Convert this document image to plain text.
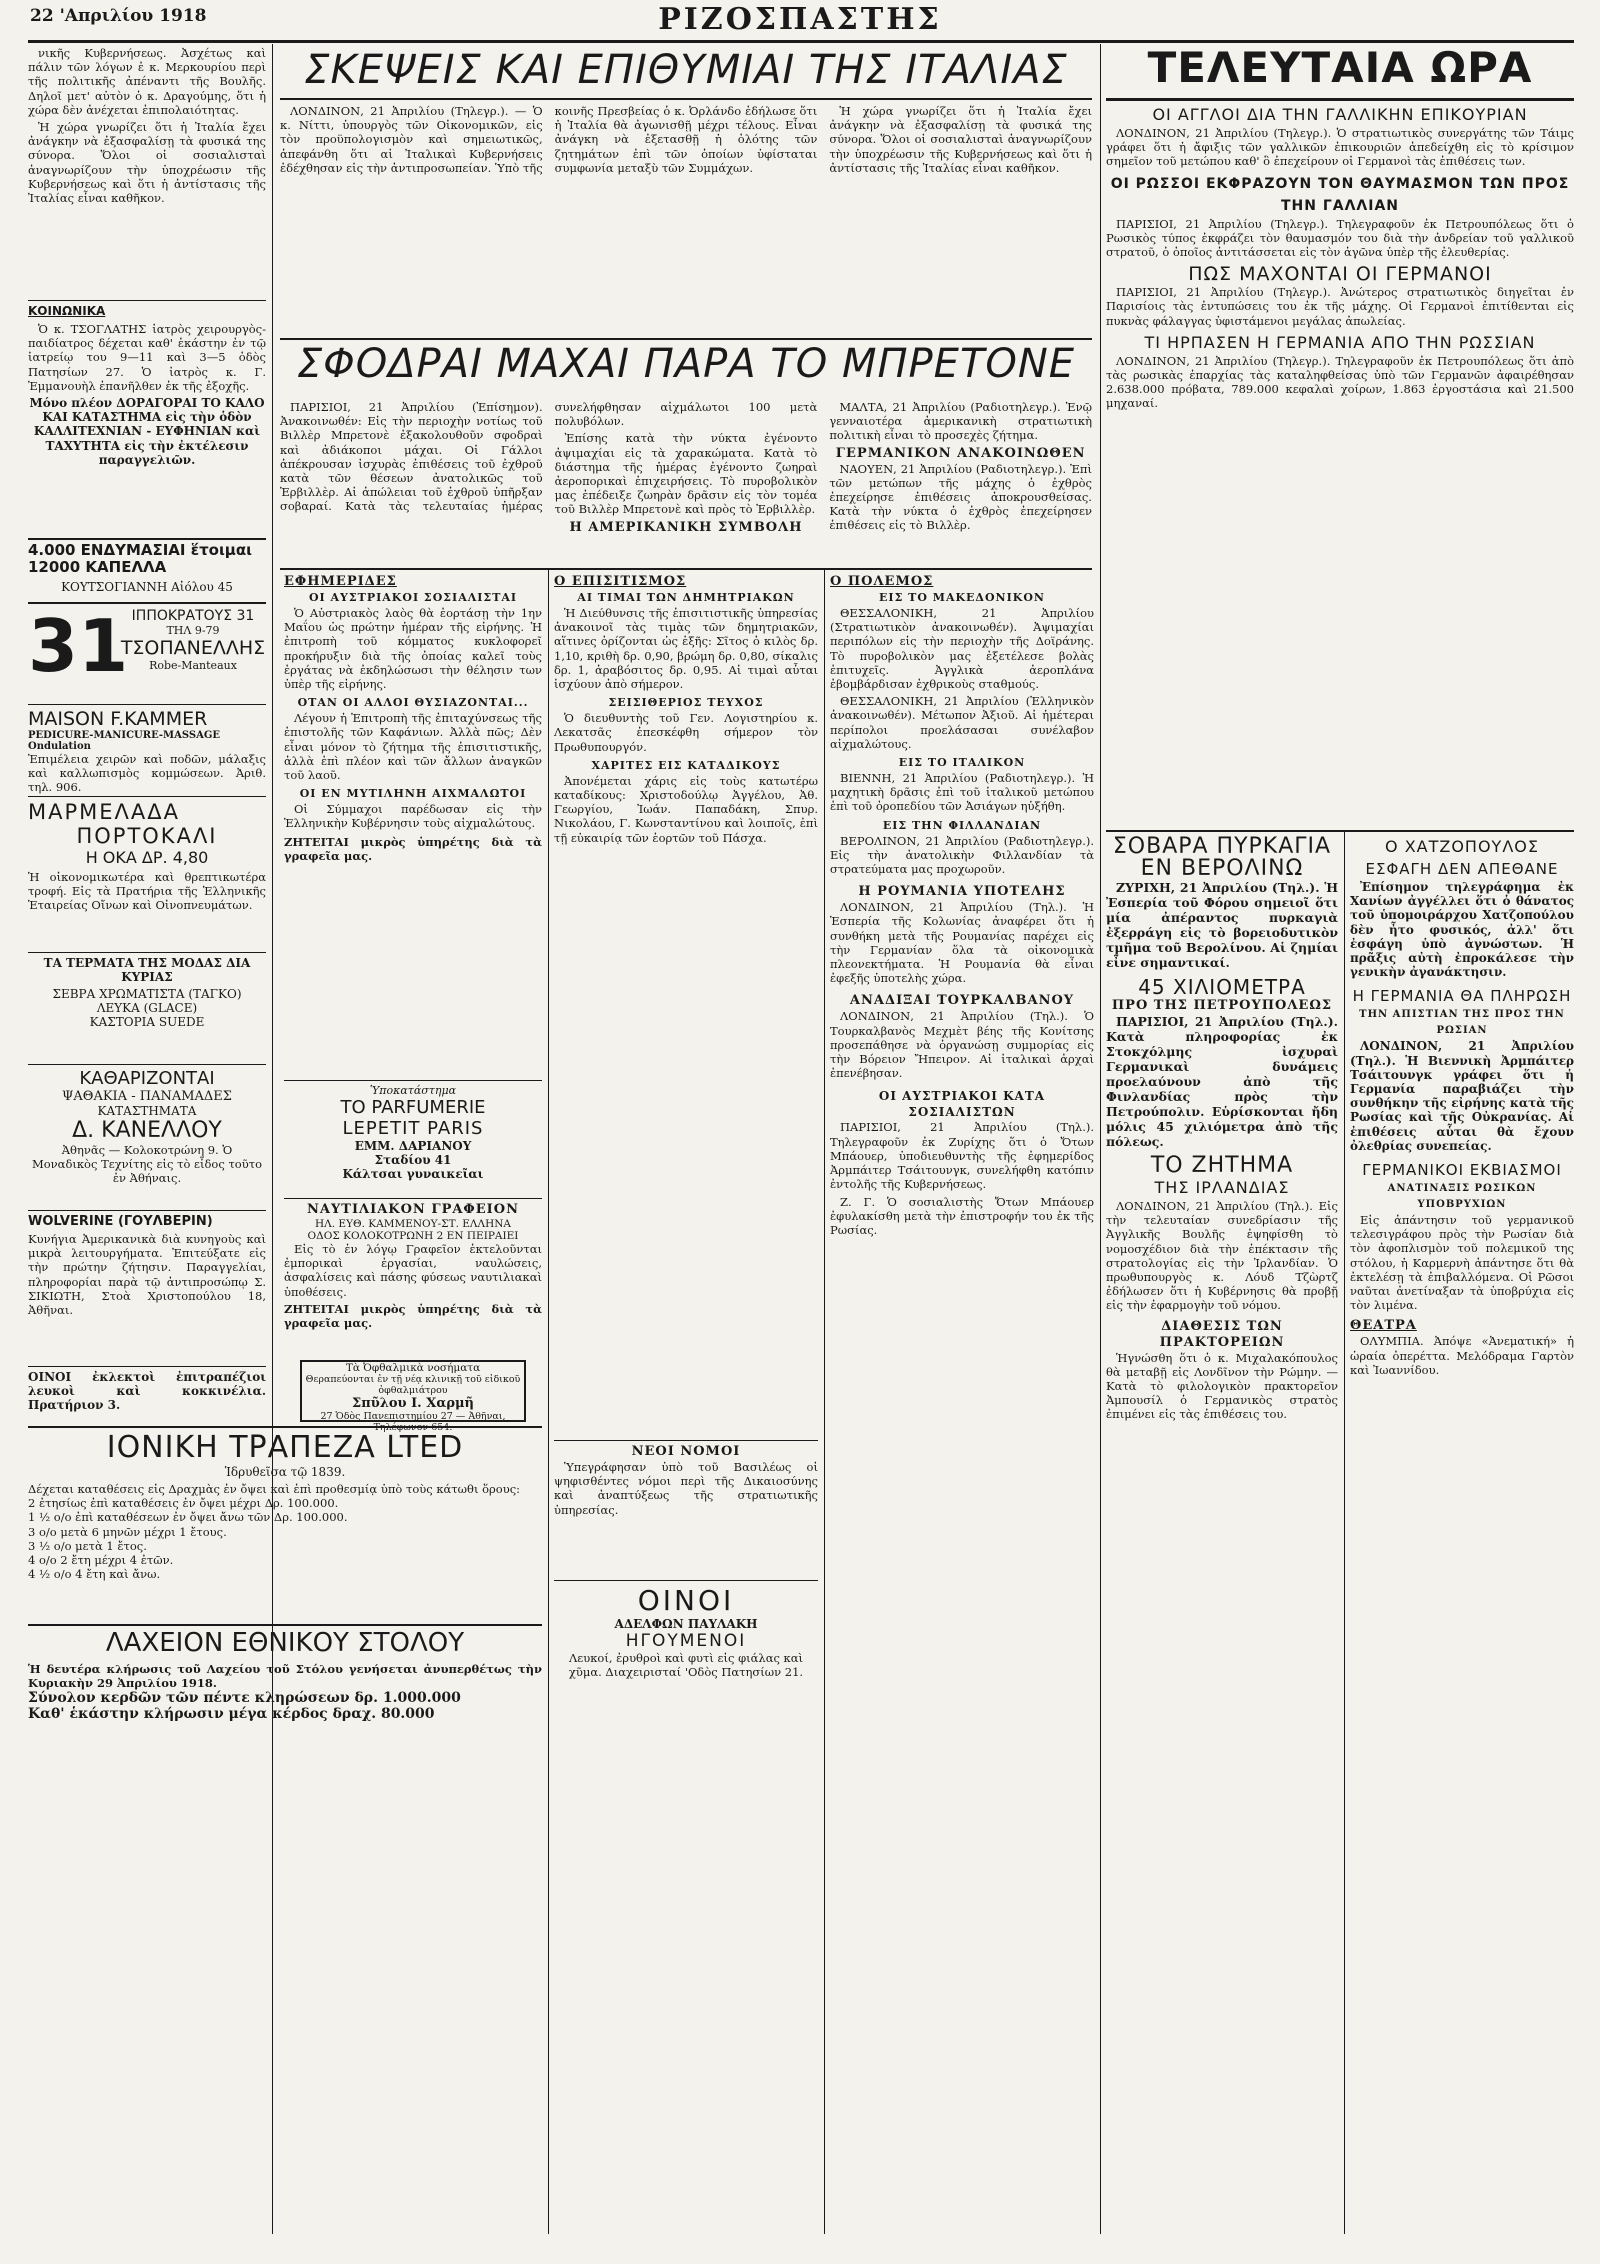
22 'Απριλίου 1918	ΡΙΖΟΣΠΑΣΤΗΣ

νικῆς Κυβερνήσεως. Ἀσχέτως καὶ πάλιν τῶν λόγων ἐ κ. Μερκουρίου περὶ τῆς πολιτικῆς ἀπέναντι τῆς Βουλῆς. Δηλοῖ μετ' αὐτὸν ὁ κ. Δραγούμης, ὅτι ἡ χώρα δὲν ἀνέχεται ἐπιπολαιότητας.

Ἡ χώρα γνωρίζει ὅτι ἡ Ἰταλία ἔχει ἀνάγκην νὰ ἐξασφαλίσῃ τὰ φυσικά της σύνορα. Ὅλοι οἱ σοσιαλισταὶ ἀναγνωρίζουν τὴν ὑποχρέωσιν τῆς Κυβερνήσεως καὶ ὅτι ἡ ἀντίστασις τῆς Ἰταλίας εἶναι καθῆκον.

ΚΟΙΝΩΝΙΚΑ

Ὁ κ. ΤΣΟΓΛΑΤΗΣ ἰατρὸς χειρουργὸς-παιδίατρος δέχεται καθ' ἑκάστην ἐν τῷ ἰατρείῳ του 9—11 καὶ 3—5 ὁδὸς Πατησίων 27. Ὁ ἰατρὸς κ. Γ. Ἐμμανουὴλ ἐπανῆλθεν ἐκ τῆς ἐξοχῆς.

Μόνο πλέον ΔΟΡΑΓΟΡΑΙ ΤΟ ΚΑΛΟ ΚΑΙ ΚΑΤΑΣΤΗΜΑ εἰς τὴν ὁδὸν ΚΑΛΛΙΤΕΧΝΙΑΝ - ΕΥΦΗΝΙΑΝ καὶ ΤΑΧΥΤΗΤΑ εἰς τὴν ἐκτέλεσιν παραγγελιῶν.
4.000 ΕΝΔΥΜΑΣΙΑΙ ἕτοιμαι 12000 ΚΑΠΕΛΛΑ
ΚΟΥΤΣΟΓΙΑΝΝΗ Αἰόλου 45
31 ΙΠΠΟΚΡΑΤΟΥΣ 31
ΤΗΛ 9-79
ΤΣΟΠΑΝΕΛΛΗΣ
Robe-Manteaux
MAISON F.KAMMER
PEDICURE-MANICURE-MASSAGE Ondulation
Ἐπιμέλεια χειρῶν καὶ ποδῶν, μάλαξις καὶ καλλωπισμὸς κομμώσεων. Ἀριθ. τηλ. 906.
ΜΑΡΜΕΛΑΔΑ
ΠΟΡΤΟΚΑΛΙ
Η ΟΚΑ ΔΡ. 4,80
Ἡ οἰκονομικωτέρα καὶ θρεπτικωτέρα τροφή. Εἰς τὰ Πρατήρια τῆς Ἑλληνικῆς Ἑταιρείας Οἴνων καὶ Οἰνοπνευμάτων.
ΤΑ ΤΕΡΜΑΤΑ ΤΗΣ ΜΟΔΑΣ ΔΙΑ ΚΥΡΙΑΣ
ΣΕΒΡΑ ΧΡΩΜΑΤΙΣΤΑ (ΤΑΓΚΟ)
ΛΕΥΚΑ (GLACE)
ΚΑΣΤΟΡΙΑ SUEDE
ΚΑΘΑΡΙΖΟΝΤΑΙ
ΨΑΘΑΚΙΑ - ΠΑΝΑΜΑΔΕΣ
ΚΑΤΑΣΤΗΜΑΤΑ
Δ. ΚΑΝΕΛΛΟΥ
Ἀθηνᾶς — Κολοκοτρώνη 9. Ὁ Μοναδικὸς Τεχνίτης εἰς τὸ εἶδος τοῦτο ἐν Ἀθήναις.
WOLVERINE (ΓΟΥΛΒΕΡΙΝ)
Κυνήγια Ἀμερικανικὰ διὰ κυνηγοὺς καὶ μικρὰ λειτουργήματα. Ἐπιτεύξατε εἰς τὴν πρώτην ζήτησιν. Παραγγελίαι, πληροφορίαι παρὰ τῷ ἀντιπροσώπῳ Σ. ΣΙΚΙΩΤΗ, Στοὰ Χριστοπούλου 18, Ἀθῆναι.
ΟΙΝΟΙ ἐκλεκτοὶ ἐπιτραπέζιοι λευκοὶ καὶ κοκκινέλια. Πρατήριον 3.
ΙΟΝΙΚΗ ΤΡΑΠΕΖΑ LTED
Ἱδρυθεῖσα τῷ 1839.
Δέχεται καταθέσεις εἰς Δραχμὰς ἐν ὄψει καὶ ἐπὶ προθεσμίᾳ ὑπὸ τοὺς κάτωθι ὅρους:
2 ἐτησίως ἐπὶ καταθέσεις ἐν ὄψει μέχρι Δρ. 100.000.
1 ½ ο/ο ἐπὶ καταθέσεων ἐν ὄψει ἄνω τῶν Δρ. 100.000.
3 ο/ο μετὰ 6 μηνῶν μέχρι 1 ἔτους.
3 ½ ο/ο μετὰ 1 ἔτος.
4 ο/ο 2 ἔτη μέχρι 4 ἐτῶν.
4 ½ ο/ο 4 ἔτη καὶ ἄνω.
ΛΑΧΕΙΟΝ ΕΘΝΙΚΟΥ ΣΤΟΛΟΥ
Ἡ δευτέρα κλήρωσις τοῦ Λαχείου τοῦ Στόλου γενήσεται ἀνυπερθέτως τὴν Κυριακὴν 29 Ἀπριλίου 1918.
Σύνολον κερδῶν τῶν πέντε κληρώσεων δρ. 1.000.000
Καθ' ἑκάστην κλήρωσιν μέγα κέρδος δραχ. 80.000
ΣΚΕΨΕΙΣ ΚΑΙ ΕΠΙΘΥΜΙΑΙ ΤΗΣ ΙΤΑΛΙΑΣ

ΛΟΝΔΙΝΟΝ, 21 Ἀπριλίου (Τηλεγρ.). — Ὁ κ. Νίττι, ὑπουργὸς τῶν Οἰκονομικῶν, εἰς τὸν προϋπολογισμὸν καὶ σημειωτικῶς, ἀπεφάνθη ὅτι αἱ Ἰταλικαὶ Κυβερνήσεις ἐδέχθησαν εἰς τὴν ἀντιπροσωπείαν. Ὑπὸ τῆς κοινῆς Πρεσβείας ὁ κ. Ὀρλάνδο ἐδήλωσε ὅτι ἡ Ἰταλία θὰ ἀγωνισθῇ μέχρι τέλους. Εἶναι ἀνάγκη νὰ ἐξετασθῇ ἡ ὁλότης τῶν ζητημάτων ἐπὶ τῶν ὁποίων ὑφίσταται συμφωνία μεταξὺ τῶν Συμμάχων.

Ἡ χώρα γνωρίζει ὅτι ἡ Ἰταλία ἔχει ἀνάγκην νὰ ἐξασφαλίσῃ τὰ φυσικά της σύνορα. Ὅλοι οἱ σοσιαλισταὶ ἀναγνωρίζουν τὴν ὑποχρέωσιν τῆς Κυβερνήσεως καὶ ὅτι ἡ ἀντίστασις τῆς Ἰταλίας εἶναι καθῆκον.

ΣΦΟΔΡΑΙ ΜΑΧΑΙ ΠΑΡΑ ΤΟ ΜΠΡΕΤΟΝΕ

ΠΑΡΙΣΙΟΙ, 21 Ἀπριλίου (Ἐπίσημον). Ἀνακοινωθέν: Εἰς τὴν περιοχὴν νοτίως τοῦ Βιλλὲρ Μπρετονὲ ἐξακολουθοῦν σφοδραὶ καὶ ἀδιάκοποι μάχαι. Οἱ Γάλλοι ἀπέκρουσαν ἰσχυρὰς ἐπιθέσεις τοῦ ἐχθροῦ κατὰ τῶν θέσεων ἀνατολικῶς τοῦ Ἐρβιλλὲρ. Αἱ ἀπώλειαι τοῦ ἐχθροῦ ὑπῆρξαν σοβαραί. Κατὰ τὰς τελευταίας ἡμέρας συνελήφθησαν αἰχμάλωτοι 100 μετὰ πολυβόλων.

Ἐπίσης κατὰ τὴν νύκτα ἐγένοντο ἀψιμαχίαι εἰς τὰ χαρακώματα. Κατὰ τὸ διάστημα τῆς ἡμέρας ἐγένοντο ζωηραὶ ἀεροπορικαὶ ἐπιχειρήσεις. Τὸ πυροβολικὸν μας ἐπέδειξε ζωηρὰν δρᾶσιν εἰς τὸν τομέα τοῦ Βιλλὲρ Μπρετονὲ καὶ πρὸς τὸ Ἐρβιλλὲρ.

Η ΑΜΕΡΙΚΑΝΙΚΗ ΣΥΜΒΟΛΗ

ΜΑΛΤΑ, 21 Ἀπριλίου (Ραδιοτηλεγρ.). Ἐνῷ γενναιοτέρα ἀμερικανικὴ στρατιωτικὴ πολιτικὴ εἶναι τὸ προσεχὲς ζήτημα.

ΓΕΡΜΑΝΙΚΟΝ ΑΝΑΚΟΙΝΩΘΕΝ

ΝΑΟΥΕΝ, 21 Ἀπριλίου (Ραδιοτηλεγρ.). Ἐπὶ τῶν μετώπων τῆς μάχης ὁ ἐχθρὸς ἐπεχείρησε ἐπιθέσεις ἀποκρουσθείσας. Κατὰ τὴν νύκτα ὁ ἐχθρὸς ἐπεχείρησεν ἐπιθέσεις εἰς τὸ Βιλλὲρ.

ΕΦΗΜΕΡΙΔΕΣ
ΟΙ ΑΥΣΤΡΙΑΚΟΙ ΣΟΣΙΑΛΙΣΤΑΙ

Ὁ Αὐστριακὸς λαὸς θὰ ἐορτάσῃ τὴν 1ην Μαΐου ὡς πρώτην ἡμέραν τῆς εἰρήνης. Ἡ ἐπιτροπὴ τοῦ κόμματος κυκλοφορεῖ προκήρυξιν διὰ τῆς ὁποίας καλεῖ τοὺς ἐργάτας νὰ ἐκδηλώσωσι τὴν θέλησιν των ὑπὲρ τῆς εἰρήνης.

ΟΤΑΝ ΟΙ ΑΛΛΟΙ ΘΥΣΙΑΖΟΝΤΑΙ...

Λέγουν ἡ Ἐπιτροπὴ τῆς ἐπιταχύνσεως τῆς ἐπιστολῆς τῶν Καφάνιων. Ἀλλὰ πῶς; Δὲν εἶναι μόνον τὸ ζήτημα τῆς ἐπισιτιστικῆς, ἀλλὰ ἐπὶ πλέον καὶ τῶν ἄλλων ἀναγκῶν τοῦ λαοῦ.

ΟΙ ΕΝ ΜΥΤΙΛΗΝΗ ΑΙΧΜΑΛΩΤΟΙ

Οἱ Σύμμαχοι παρέδωσαν εἰς τὴν Ἑλληνικὴν Κυβέρνησιν τοὺς αἰχμαλώτους.

ΖΗΤΕΙΤΑΙ μικρὸς ὑπηρέτης διὰ τὰ γραφεῖα μας.
Ὑποκατάστημα
TO PARFUMERIE
LEPETIT PARIS
ΕΜΜ. ΔΑΡΙΑΝΟΥ
Σταδίου 41
Κάλτσαι γυναικεῖαι
ΝΑΥΤΙΛΙΑΚΟΝ ΓΡΑΦΕΙΟΝ
ΗΛ. ΕΥΘ. ΚΑΜΜΕΝΟΥ-ΣΤ. ΕΛΛΗΝΑ
ΟΔΟΣ ΚΟΛΟΚΟΤΡΩΝΗ 2 ΕΝ ΠΕΙΡΑΙΕΙ

Εἰς τὸ ἐν λόγῳ Γραφεῖον ἐκτελοῦνται ἐμπορικαὶ ἐργασίαι, ναυλώσεις, ἀσφαλίσεις καὶ πάσης φύσεως ναυτιλιακαὶ ὑποθέσεις.

ΖΗΤΕΙΤΑΙ μικρὸς ὑπηρέτης διὰ τὰ γραφεῖα μας.
Τὰ Ὀφθαλμικὰ νοσήματα
Θεραπεύονται ἐν τῇ νέᾳ κλινικῇ τοῦ εἰδικοῦ ὀφθαλμιάτρου
Σπῦλου Ι. Χαρμῆ
27 Ὁδὸς Πανεπιστημίου 27 — Ἀθῆναι, Τηλέφωνον 654.
Ο ΕΠΙΣΙΤΙΣΜΟΣ
ΑΙ ΤΙΜΑΙ ΤΩΝ ΔΗΜΗΤΡΙΑΚΩΝ

Ἡ Διεύθυνσις τῆς ἐπισιτιστικῆς ὑπηρεσίας ἀνακοινοῖ τὰς τιμὰς τῶν δημητριακῶν, αἵτινες ὁρίζονται ὡς ἑξῆς: Σῖτος ὁ κιλὸς δρ. 1,10, κριθὴ δρ. 0,90, βρώμη δρ. 0,80, σίκαλις δρ. 1, ἀραβόσιτος δρ. 0,95. Αἱ τιμαὶ αὗται ἰσχύουν ἀπὸ σήμερον.

ΣΕΙΣΙΘΕΡΙΟΣ ΤΕΥΧΟΣ

Ὁ διευθυντὴς τοῦ Γεν. Λογιστηρίου κ. Λεκατσᾶς ἐπεσκέφθη σήμερον τὸν Πρωθυπουργόν.

ΧΑΡΙΤΕΣ ΕΙΣ ΚΑΤΑΔΙΚΟΥΣ

Ἀπονέμεται χάρις εἰς τοὺς κατωτέρω καταδίκους: Χριστοδούλῳ Ἀγγέλου, Ἀθ. Γεωργίου, Ἰωάν. Παπαδάκη, Σπυρ. Νικολάου, Γ. Κωνσταντίνου καὶ λοιποῖς, ἐπὶ τῇ εὐκαιρίᾳ τῶν ἑορτῶν τοῦ Πάσχα.

ΝΕΟΙ ΝΟΜΟΙ

Ὑπεγράφησαν ὑπὸ τοῦ Βασιλέως οἱ ψηφισθέντες νόμοι περὶ τῆς Δικαιοσύνης καὶ ἀναπτύξεως τῆς στρατιωτικῆς ὑπηρεσίας.

ΟΙΝΟΙ
ΑΔΕΛΦΩΝ ΠΑΥΛΑΚΗ
ΗΓΟΥΜΕΝΟΙ
Λευκοί, ἐρυθροὶ καὶ φυτὶ εἰς φιάλας καὶ χῦμα. Διαχειρισταί 'Οδὸς Πατησίων 21.
Ο ΠΟΛΕΜΟΣ
ΕΙΣ ΤΟ ΜΑΚΕΔΟΝΙΚΟΝ

ΘΕΣΣΑΛΟΝΙΚΗ, 21 Ἀπριλίου (Στρατιωτικὸν ἀνακοινωθέν). Ἀψιμαχίαι περιπόλων εἰς τὴν περιοχὴν τῆς Δοϊράνης. Τὸ πυροβολικὸν μας ἐξετέλεσε βολὰς ἐπιτυχεῖς. Ἀγγλικὰ ἀεροπλάνα ἐβομβάρδισαν ἐχθρικοὺς σταθμούς.

ΘΕΣΣΑΛΟΝΙΚΗ, 21 Ἀπριλίου (Ἑλληνικὸν ἀνακοινωθέν). Μέτωπον Ἀξιοῦ. Αἱ ἡμέτεραι περίπολοι προελάσασαι συνέλαβον αἰχμαλώτους.

ΕΙΣ ΤΟ ΙΤΑΛΙΚΟΝ

ΒΙΕΝΝΗ, 21 Ἀπριλίου (Ραδιοτηλεγρ.). Ἡ μαχητικὴ δρᾶσις ἐπὶ τοῦ ἰταλικοῦ μετώπου ἐπὶ τοῦ ὀροπεδίου τῶν Ἀσιάγων ηὐξήθη.

ΕΙΣ ΤΗΝ ΦΙΛΛΑΝΔΙΑΝ

ΒΕΡΟΛΙΝΟΝ, 21 Ἀπριλίου (Ραδιοτηλεγρ.). Εἰς τὴν ἀνατολικὴν Φιλλανδίαν τὰ στρατεύματα μας προχωροῦν.

Η ΡΟΥΜΑΝΙΑ ΥΠΟΤΕΛΗΣ

ΛΟΝΔΙΝΟΝ, 21 Ἀπριλίου (Τηλ.). Ἡ Ἑσπερία τῆς Κολωνίας ἀναφέρει ὅτι ἡ συνθήκη μετὰ τῆς Ρουμανίας παρέχει εἰς τὴν Γερμανίαν ὅλα τὰ οἰκονομικὰ πλεονεκτήματα. Ἡ Ρουμανία θὰ εἶναι ἐφεξῆς ὑποτελὴς χώρα.

ΑΝΑΔΙΞΑΙ ΤΟΥΡΚΑΛΒΑΝΟΥ

ΛΟΝΔΙΝΟΝ, 21 Ἀπριλίου (Τηλ.). Ὁ Τουρκαλβανὸς Μεχμὲτ βέης τῆς Κονίτσης προσεπάθησε νὰ ὀργανώσῃ συμμορίας εἰς τὴν Βόρειον Ἤπειρον. Αἱ ἰταλικαὶ ἀρχαὶ ἐπενέβησαν.

ΟΙ ΑΥΣΤΡΙΑΚΟΙ ΚΑΤΑ ΣΟΣΙΑΛΙΣΤΩΝ

ΠΑΡΙΣΙΟΙ, 21 Ἀπριλίου (Τηλ.). Τηλεγραφοῦν ἐκ Ζυρίχης ὅτι ὁ Ὄτων Μπάουερ, ὑποδιευθυντὴς τῆς ἐφημερίδος Ἀρμπάιτερ Τσάιτουνγκ, συνελήφθη κατόπιν ἐντολῆς τῆς Κυβερνήσεως.

Ζ. Γ. Ὁ σοσιαλιστὴς Ὄτων Μπάουερ ἐφυλακίσθη μετὰ τὴν ἐπιστροφήν του ἐκ τῆς Ρωσίας.

ΤΕΛΕΥΤΑΙΑ ΩΡΑ
ΟΙ ΑΓΓΛΟΙ ΔΙΑ ΤΗΝ ΓΑΛΛΙΚΗΝ ΕΠΙΚΟΥΡΙΑΝ

ΛΟΝΔΙΝΟΝ, 21 Ἀπριλίου (Τηλεγρ.). Ὁ στρατιωτικὸς συνεργάτης τῶν Τάιμς γράφει ὅτι ἡ ἄφιξις τῶν γαλλικῶν ἐπικουριῶν ἀπεδείχθη εἰς τὸ κρίσιμον σημεῖον τοῦ μετώπου καθ' ὃ ἐπεχείρουν οἱ Γερμανοὶ τὰς ἐπιθέσεις των.

ΟΙ ΡΩΣΣΟΙ ΕΚΦΡΑΖΟΥΝ ΤΟΝ ΘΑΥΜΑΣΜΟΝ ΤΩΝ ΠΡΟΣ ΤΗΝ ΓΑΛΛΙΑΝ

ΠΑΡΙΣΙΟΙ, 21 Ἀπριλίου (Τηλεγρ.). Τηλεγραφοῦν ἐκ Πετρουπόλεως ὅτι ὁ Ρωσικὸς τύπος ἐκφράζει τὸν θαυμασμόν του διὰ τὴν ἀνδρείαν τοῦ γαλλικοῦ στρατοῦ, ὁ ὁποῖος ἀντιτάσσεται εἰς τὸν ἀγῶνα ὑπὲρ τῆς ἐλευθερίας.

ΠΩΣ ΜΑΧΟΝΤΑΙ ΟΙ ΓΕΡΜΑΝΟΙ

ΠΑΡΙΣΙΟΙ, 21 Ἀπριλίου (Τηλεγρ.). Ἀνώτερος στρατιωτικὸς διηγεῖται ἐν Παρισίοις τὰς ἐντυπώσεις του ἐκ τῆς μάχης. Οἱ Γερμανοὶ ἐπιτίθενται εἰς πυκνὰς φάλαγγας ὑφιστάμενοι μεγάλας ἀπωλείας.

ΤΙ ΗΡΠΑΣΕΝ Η ΓΕΡΜΑΝΙΑ ΑΠΟ ΤΗΝ ΡΩΣΣΙΑΝ

ΛΟΝΔΙΝΟΝ, 21 Ἀπριλίου (Τηλεγρ.). Τηλεγραφοῦν ἐκ Πετρουπόλεως ὅτι ἀπὸ τὰς ρωσικὰς ἐπαρχίας τὰς καταληφθείσας ὑπὸ τῶν Γερμανῶν ἀφαιρέθησαν 2.638.000 πρόβατα, 789.000 κεφαλαὶ χοίρων, 1.863 ἐργοστάσια καὶ 21.500 μηχαναί.

ΣΟΒΑΡΑ ΠΥΡΚΑΓΙΑ ΕΝ ΒΕΡΟΛΙΝΩ

ΖΥΡΙΧΗ, 21 Ἀπριλίου (Τηλ.). Ἡ Ἐσπερία τοῦ Φόρου σημειοῖ ὅτι μία ἀπέραντος πυρκαγιὰ ἐξερράγη εἰς τὸ βορειοδυτικὸν τμῆμα τοῦ Βερολίνου. Αἱ ζημίαι εἶνε σημαντικαί.

45 ΧΙΛΙΟΜΕΤΡΑ
ΠΡΟ ΤΗΣ ΠΕΤΡΟΥΠΟΛΕΩΣ

ΠΑΡΙΣΙΟΙ, 21 Ἀπριλίου (Τηλ.). Κατὰ πληροφορίας ἐκ Στοκχόλμης ἰσχυραὶ Γερμανικαὶ δυνάμεις προελαύνουν ἀπὸ τῆς Φινλανδίας πρὸς τὴν Πετρούπολιν. Εὑρίσκονται ἤδη μόλις 45 χιλιόμετρα ἀπὸ τῆς πόλεως.

ΤΟ ΖΗΤΗΜΑ
ΤΗΣ ΙΡΛΑΝΔΙΑΣ

ΛΟΝΔΙΝΟΝ, 21 Ἀπριλίου (Τηλ.). Εἰς τὴν τελευταίαν συνεδρίασιν τῆς Ἀγγλικῆς Βουλῆς ἐψηφίσθη τὸ νομοσχέδιον διὰ τὴν ἐπέκτασιν τῆς στρατολογίας εἰς τὴν Ἰρλανδίαν. Ὁ πρωθυπουργὸς κ. Λόυδ Τζὼρτζ ἐδήλωσεν ὅτι ἡ Κυβέρνησις θὰ προβῇ εἰς τὴν ἐφαρμογὴν τοῦ νόμου.

ΔΙΑΘΕΣΙΣ ΤΩΝ ΠΡΑΚΤΟΡΕΙΩΝ

Ἡγνώσθη ὅτι ὁ κ. Μιχαλακόπουλος θὰ μεταβῇ εἰς Λονδῖνον τὴν Ρώμην. — Κατὰ τὸ φιλολογικὸν πρακτορεῖον Ἀμπουσίλ ὁ Γερμανικὸς στρατὸς ἐπιμένει εἰς τὰς ἐπιθέσεις του.

Ο ΧΑΤΖΟΠΟΥΛΟΣ
ΕΣΦΑΓΗ ΔΕΝ ΑΠΕΘΑΝΕ

Ἐπίσημον τηλεγράφημα ἐκ Χανίων ἀγγέλλει ὅτι ὁ θάνατος τοῦ ὑπομοιράρχου Χατζοπούλου δὲν ἦτο φυσικός, ἀλλ' ὅτι ἐσφάγη ὑπὸ ἀγνώστων. Ἡ πρᾶξις αὐτὴ ἐπροκάλεσε τὴν γενικὴν ἀγανάκτησιν.

Η ΓΕΡΜΑΝΙΑ ΘΑ ΠΛΗΡΩΣΗ
ΤΗΝ ΑΠΙΣΤΙΑΝ ΤΗΣ ΠΡΟΣ ΤΗΝ ΡΩΣΙΑΝ

ΛΟΝΔΙΝΟΝ, 21 Ἀπριλίου (Τηλ.). Ἡ Βιεννικὴ Ἀρμπάιτερ Τσάιτουνγκ γράφει ὅτι ἡ Γερμανία παραβιάζει τὴν συνθήκην τῆς εἰρήνης κατὰ τῆς Ρωσίας καὶ τῆς Οὐκρανίας. Αἱ ἐπιθέσεις αὗται θὰ ἔχουν ὀλεθρίας συνεπείας.

ΓΕΡΜΑΝΙΚΟΙ ΕΚΒΙΑΣΜΟΙ
ΑΝΑΤΙΝΑΞΙΣ ΡΩΣΙΚΩΝ ΥΠΟΒΡΥΧΙΩΝ

Εἰς ἀπάντησιν τοῦ γερμανικοῦ τελεσιγράφου πρὸς τὴν Ρωσίαν διὰ τὸν ἀφοπλισμὸν τοῦ πολεμικοῦ της στόλου, ἡ Καρμερνὴ ἀπάντησε ὅτι θὰ ἐκτελέσῃ τὰ ἐπιβαλλόμενα. Οἱ Ρῶσοι ναῦται ἀνετίναξαν τὰ ὑποβρύχια εἰς τὸν λιμένα.

ΘΕΑΤΡΑ

ΟΛΥΜΠΙΑ. Ἀπόψε «Ἀνεματική» ἡ ὡραία ὀπερέττα. Μελόδραμα Γαρτὸν καὶ Ἰωαννίδου.
